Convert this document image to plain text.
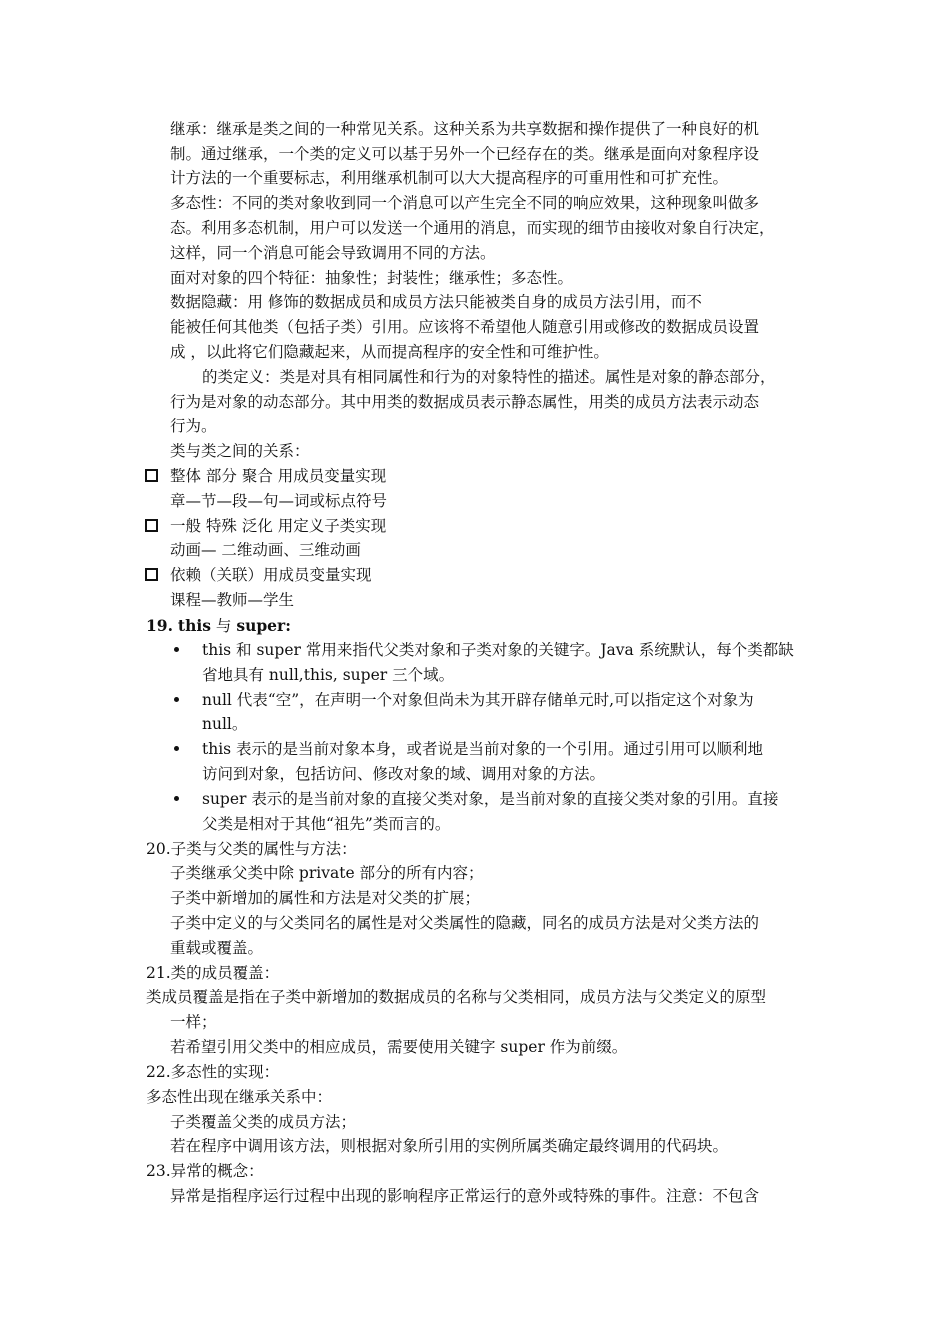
继承：继承是类之间的一种常见关系。这种关系为共享数据和操作提供了一种良好的机
制。通过继承，一个类的定义可以基于另外一个已经存在的类。继承是面向对象程序设
计方法的一个重要标志，利用继承机制可以大大提高程序的可重用性和可扩充性。
多态性：不同的类对象收到同一个消息可以产生完全不同的响应效果，这种现象叫做多
态。利用多态机制，用户可以发送一个通用的消息，而实现的细节由接收对象自行决定，
这样，同一个消息可能会导致调用不同的方法。
面对对象的四个特征：抽象性；封装性；继承性；多态性。
数据隐藏：用 修饰的数据成员和成员方法只能被类自身的成员方法引用，而不
能被任何其他类（包括子类）引用。应该将不希望他人随意引用或修改的数据成员设置
成 ，以此将它们隐藏起来，从而提高程序的安全性和可维护性。
的类定义：类是对具有相同属性和行为的对象特性的描述。属性是对象的静态部分，
行为是对象的动态部分。其中用类的数据成员表示静态属性，用类的成员方法表示动态
行为。
类与类之间的关系：
整体 部分 聚合 用成员变量实现
章—节—段—句—词或标点符号
一般 特殊 泛化 用定义子类实现
动画— 二维动画、三维动画
依赖（关联）用成员变量实现
课程—教师—学生
19. this 与 super:
this 和 super 常用来指代父类对象和子类对象的关键字。Java 系统默认，每个类都缺
省地具有 null,this, super 三个域。
null 代表“空”，在声明一个对象但尚未为其开辟存储单元时,可以指定这个对象为
null。
this 表示的是当前对象本身，或者说是当前对象的一个引用。通过引用可以顺利地
访问到对象，包括访问、修改对象的域、调用对象的方法。
super 表示的是当前对象的直接父类对象，是当前对象的直接父类对象的引用。直接
父类是相对于其他“祖先”类而言的。
20.子类与父类的属性与方法：
子类继承父类中除 private 部分的所有内容；
子类中新增加的属性和方法是对父类的扩展；
子类中定义的与父类同名的属性是对父类属性的隐藏，同名的成员方法是对父类方法的
重载或覆盖。
21.类的成员覆盖：
类成员覆盖是指在子类中新增加的数据成员的名称与父类相同，成员方法与父类定义的原型
一样；
若希望引用父类中的相应成员，需要使用关键字 super 作为前缀。
22.多态性的实现：
多态性出现在继承关系中：
子类覆盖父类的成员方法；
若在程序中调用该方法，则根据对象所引用的实例所属类确定最终调用的代码块。
23.异常的概念：
异常是指程序运行过程中出现的影响程序正常运行的意外或特殊的事件。注意：不包含
